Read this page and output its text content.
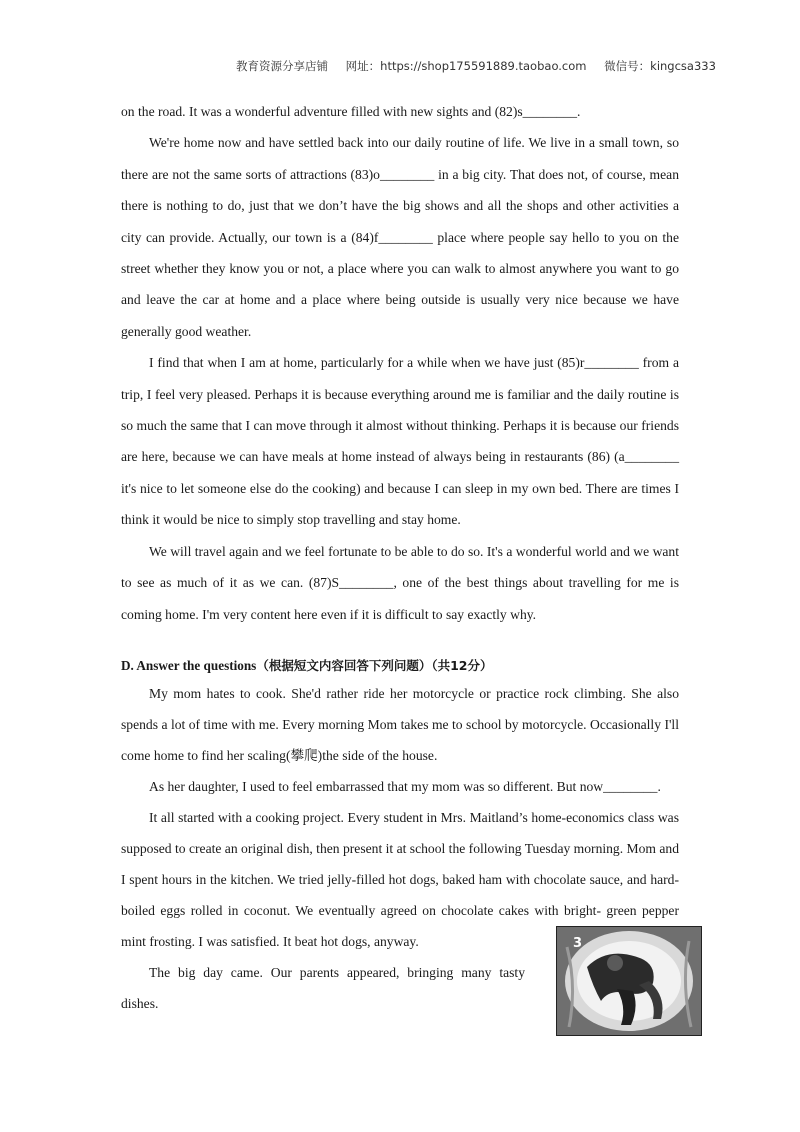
教育资源分享店铺 网址：https://shop175591889.taobao.com 微信号：kingcsa333

on the road. It was a wonderful adventure filled with new sights and (82)s________.

We're home now and have settled back into our daily routine of life. We live in a small town, so there are not the same sorts of attractions (83)o________ in a big city. That does not, of course, mean there is nothing to do, just that we don’t have the big shows and all the shops and other activities a city can provide. Actually, our town is a (84)f________ place where people say hello to you on the street whether they know you or not, a place where you can walk to almost anywhere you want to go and leave the car at home and a place where being outside is usually very nice because we have generally good weather.

I find that when I am at home, particularly for a while when we have just (85)r________ from a trip, I feel very pleased. Perhaps it is because everything around me is familiar and the daily routine is so much the same that I can move through it almost without thinking. Perhaps it is because our friends are here, because we can have meals at home instead of always being in restaurants (86) (a________ it's nice to let someone else do the cooking) and because I can sleep in my own bed. There are times I think it would be nice to simply stop travelling and stay home.

We will travel again and we feel fortunate to be able to do so. It's a wonderful world and we want to see as much of it as we can. (87)S________, one of the best things about travelling for me is coming home. I'm very content here even if it is difficult to say exactly why.

D. Answer the questions（根据短文内容回答下列问题）（共12分）

My mom hates to cook. She'd rather ride her motorcycle or practice rock climbing. She also spends a lot of time with me. Every morning Mom takes me to school by motorcycle. Occasionally I'll come home to find her scaling(攀爬)the side of the house.

As her daughter, I used to feel embarrassed that my mom was so different. But now________.

It all started with a cooking project. Every student in Mrs. Maitland’s home-economics class was supposed to create an original dish, then present it at school the following Tuesday morning. Mom and I spent hours in the kitchen. We tried jelly-filled hot dogs, baked ham with chocolate sauce, and hard-boiled eggs rolled in coconut. We eventually agreed on chocolate cakes with bright- green pepper mint frosting. I was satisfied. It beat hot dogs, anyway.

The big day came. Our parents appeared, bringing many tasty dishes.

3
